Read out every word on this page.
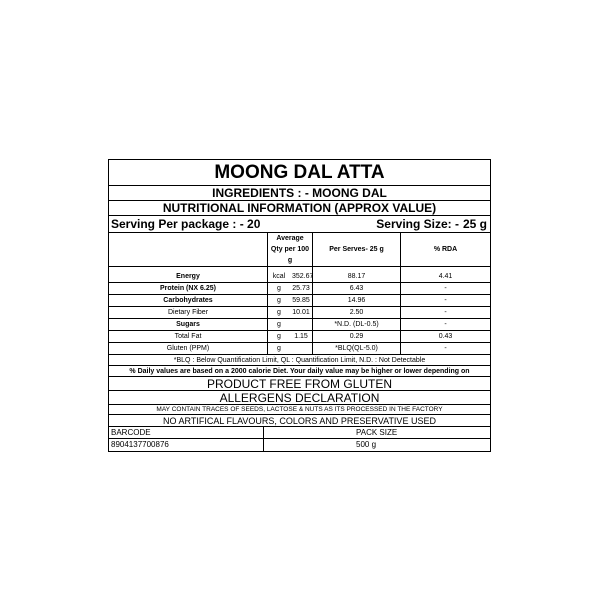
MOONG DAL ATTA
INGREDIENTS : - MOONG DAL
NUTRITIONAL INFORMATION (APPROX VALUE)
Serving Per package : - 20	Serving Size: - 25 g
	Average Qty per 100 g		Per Serves- 25 g	% RDA

Energy	kcal	352.67	88.17	4.41
Protein (NX 6.25)	g	25.73	6.43	-
Carbohydrates	g	59.85	14.96	-
Dietary Fiber	g	10.01	2.50	-
Sugars	g		*N.D. (DL-0.5)	-
Total Fat	g	1.15	0.29	0.43
Gluten (PPM)	g		*BLQ(QL-5.0)	-
*BLQ : Below Quantification Limit, QL : Quantification Limit, N.D. : Not Detectable
% Daily values are based on a 2000 calorie Diet. Your daily value may be higher or lower depending on
PRODUCT FREE FROM GLUTEN
ALLERGENS DECLARATION
MAY CONTAIN TRACES OF SEEDS, LACTOSE & NUTS AS ITS PROCESSED IN THE FACTORY
NO ARTIFICAL FLAVOURS, COLORS AND PRESERVATIVE USED
BARCODE	PACK SIZE
8904137700876	500 g
